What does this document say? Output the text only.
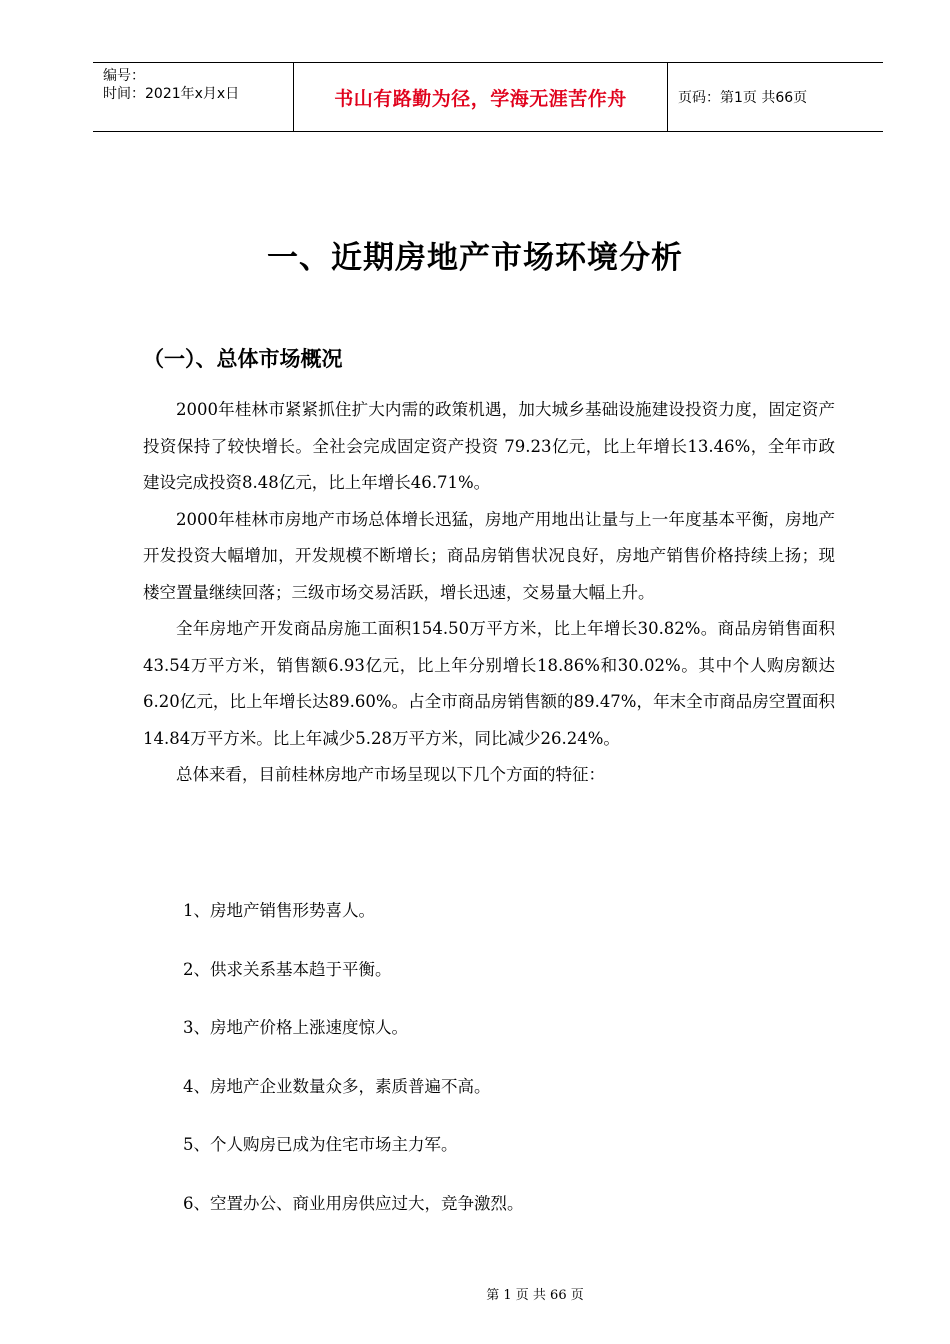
编号：
时间：2021年x月x日	书山有路勤为径，学海无涯苦作舟	页码：第1页 共66页
一、近期房地产市场环境分析
（一）、总体市场概况

2000年桂林市紧紧抓住扩大内需的政策机遇，加大城乡基础设施建设投资力度，固定资产投资保持了较快增长。全社会完成固定资产投资 79.23亿元，比上年增长13.46%，全年市政建设完成投资8.48亿元，比上年增长46.71%。

2000年桂林市房地产市场总体增长迅猛，房地产用地出让量与上一年度基本平衡，房地产开发投资大幅增加，开发规模不断增长；商品房销售状况良好，房地产销售价格持续上扬；现楼空置量继续回落；三级市场交易活跃，增长迅速，交易量大幅上升。

全年房地产开发商品房施工面积154.50万平方米，比上年增长30.82%。商品房销售面积43.54万平方米，销售额6.93亿元，比上年分别增长18.86%和30.02%。其中个人购房额达6.20亿元，比上年增长达89.60%。占全市商品房销售额的89.47%，年末全市商品房空置面积14.84万平方米。比上年减少5.28万平方米，同比减少26.24%。

总体来看，目前桂林房地产市场呈现以下几个方面的特征：

1、房地产销售形势喜人。
2、供求关系基本趋于平衡。
3、房地产价格上涨速度惊人。
4、房地产企业数量众多，素质普遍不高。
5、个人购房已成为住宅市场主力军。
6、空置办公、商业用房供应过大，竞争激烈。
第 1 页 共 66 页
